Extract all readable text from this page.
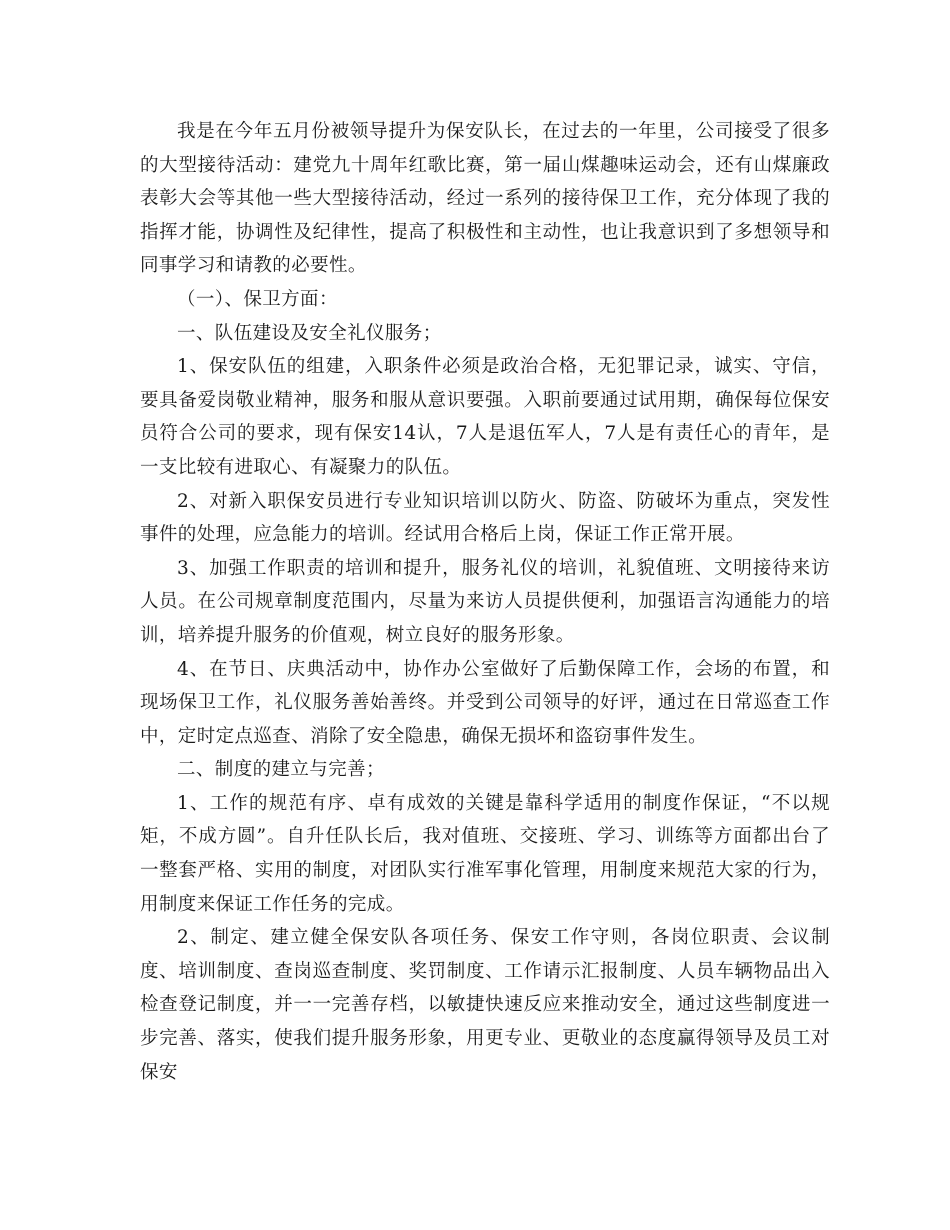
我是在今年五月份被领导提升为保安队长，在过去的一年里，公司接受了很多的大型接待活动：建党九十周年红歌比赛，第一届山煤趣味运动会，还有山煤廉政表彰大会等其他一些大型接待活动，经过一系列的接待保卫工作，充分体现了我的指挥才能，协调性及纪律性，提高了积极性和主动性，也让我意识到了多想领导和同事学习和请教的必要性。

（一）、保卫方面：

一、队伍建设及安全礼仪服务；

1、保安队伍的组建，入职条件必须是政治合格，无犯罪记录，诚实、守信，要具备爱岗敬业精神，服务和服从意识要强。入职前要通过试用期，确保每位保安员符合公司的要求，现有保安14认，7人是退伍军人，7人是有责任心的青年，是一支比较有进取心、有凝聚力的队伍。

2、对新入职保安员进行专业知识培训以防火、防盗、防破坏为重点，突发性事件的处理，应急能力的培训。经试用合格后上岗，保证工作正常开展。

3、加强工作职责的培训和提升，服务礼仪的培训，礼貌值班、文明接待来访人员。在公司规章制度范围内，尽量为来访人员提供便利，加强语言沟通能力的培训，培养提升服务的价值观，树立良好的服务形象。

4、在节日、庆典活动中，协作办公室做好了后勤保障工作，会场的布置，和现场保卫工作，礼仪服务善始善终。并受到公司领导的好评，通过在日常巡查工作中，定时定点巡查、消除了安全隐患，确保无损坏和盗窃事件发生。

二、制度的建立与完善；

1、工作的规范有序、卓有成效的关键是靠科学适用的制度作保证，“不以规矩，不成方圆”。自升任队长后，我对值班、交接班、学习、训练等方面都出台了一整套严格、实用的制度，对团队实行准军事化管理，用制度来规范大家的行为，用制度来保证工作任务的完成。

2、制定、建立健全保安队各项任务、保安工作守则，各岗位职责、会议制度、培训制度、查岗巡查制度、奖罚制度、工作请示汇报制度、人员车辆物品出入检查登记制度，并一一完善存档，以敏捷快速反应来推动安全，通过这些制度进一步完善、落实，使我们提升服务形象，用更专业、更敬业的态度赢得领导及员工对保安
